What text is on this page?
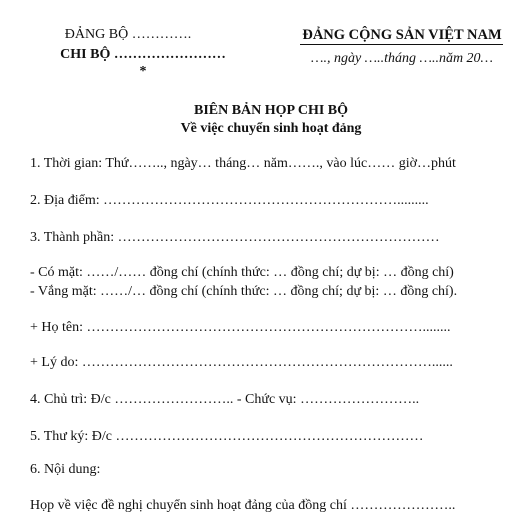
ĐẢNG BỘ ………….
CHI BỘ ……………………
*
ĐẢNG CỘNG SẢN VIỆT NAM
…., ngày …..tháng …..năm 20…
BIÊN BẢN HỌP CHI BỘ
Về việc chuyển sinh hoạt đảng
1. Thời gian: Thứ…….., ngày… tháng… năm……., vào lúc…… giờ…phút
2. Địa điểm: ……………………………………………………….........
3. Thành phần: ……………………………………………………………
- Có mặt: ……/…… đồng chí (chính thức: … đồng chí; dự bị: … đồng chí)
- Vắng mặt: ……/… đồng chí (chính thức: … đồng chí; dự bị: … đồng chí).
+ Họ tên: ………………………………………………………………........
+ Lý do: …………………………………………………………………......
4. Chủ trì: Đ/c …………………….. - Chức vụ: ……………………..
5. Thư ký: Đ/c …………………………………………………………
6. Nội dung:
Họp về việc đề nghị chuyển sinh hoạt đảng của đồng chí …………………..
